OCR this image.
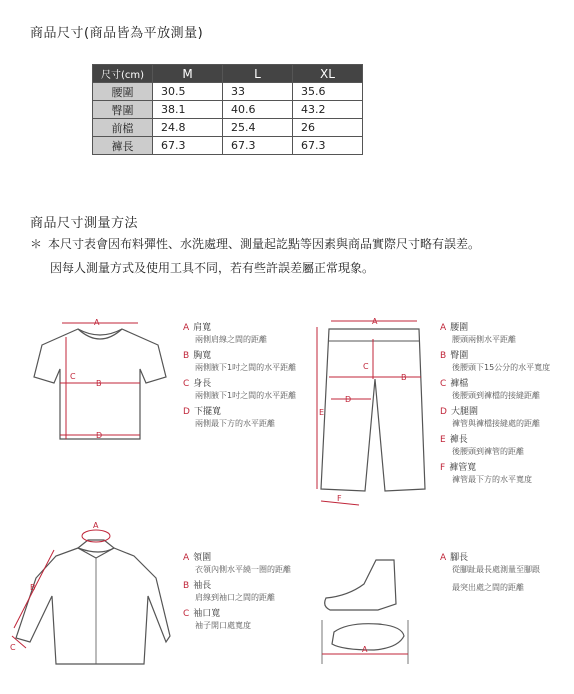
商品尺寸(商品皆為平放測量)
尺寸(cm)	M	L	XL
腰圍	30.5	33	35.6
臀圍	38.1	40.6	43.2
前檔	24.8	25.4	26
褲長	67.3	67.3	67.3
商品尺寸測量方法
＊ 本尺寸表會因布料彈性、水洗處理、測量起訖點等因素與商品實際尺寸略有誤差。
因每人測量方式及使用工具不同，若有些許誤差屬正常現象。
A
B
C
D
A 肩寬
兩側肩線之間的距離
B 胸寬
兩側腋下1吋之間的水平距離
C 身長
兩側腋下1吋之間的水平距離
D 下擺寬
兩側最下方的水平距離
A
B
C
D
E
F
A 腰圍
腰頭兩側水平距離
B 臀圍
後腰頭下15公分的水平寬度
C 褲檔
後腰頭到褲檔的接縫距離
D 大腿圍
褲管與褲檔接縫處的距離
E 褲長
後腰頭到褲管的距離
F 褲管寬
褲管最下方的水平寬度
A
B
C
A 領圍
衣領內側水平繞一圈的距離
B 袖長
肩線到袖口之間的距離
C 袖口寬
袖子開口處寬度
A
A 腳長
從腳趾最長處測量至腳跟
最突出處之間的距離
